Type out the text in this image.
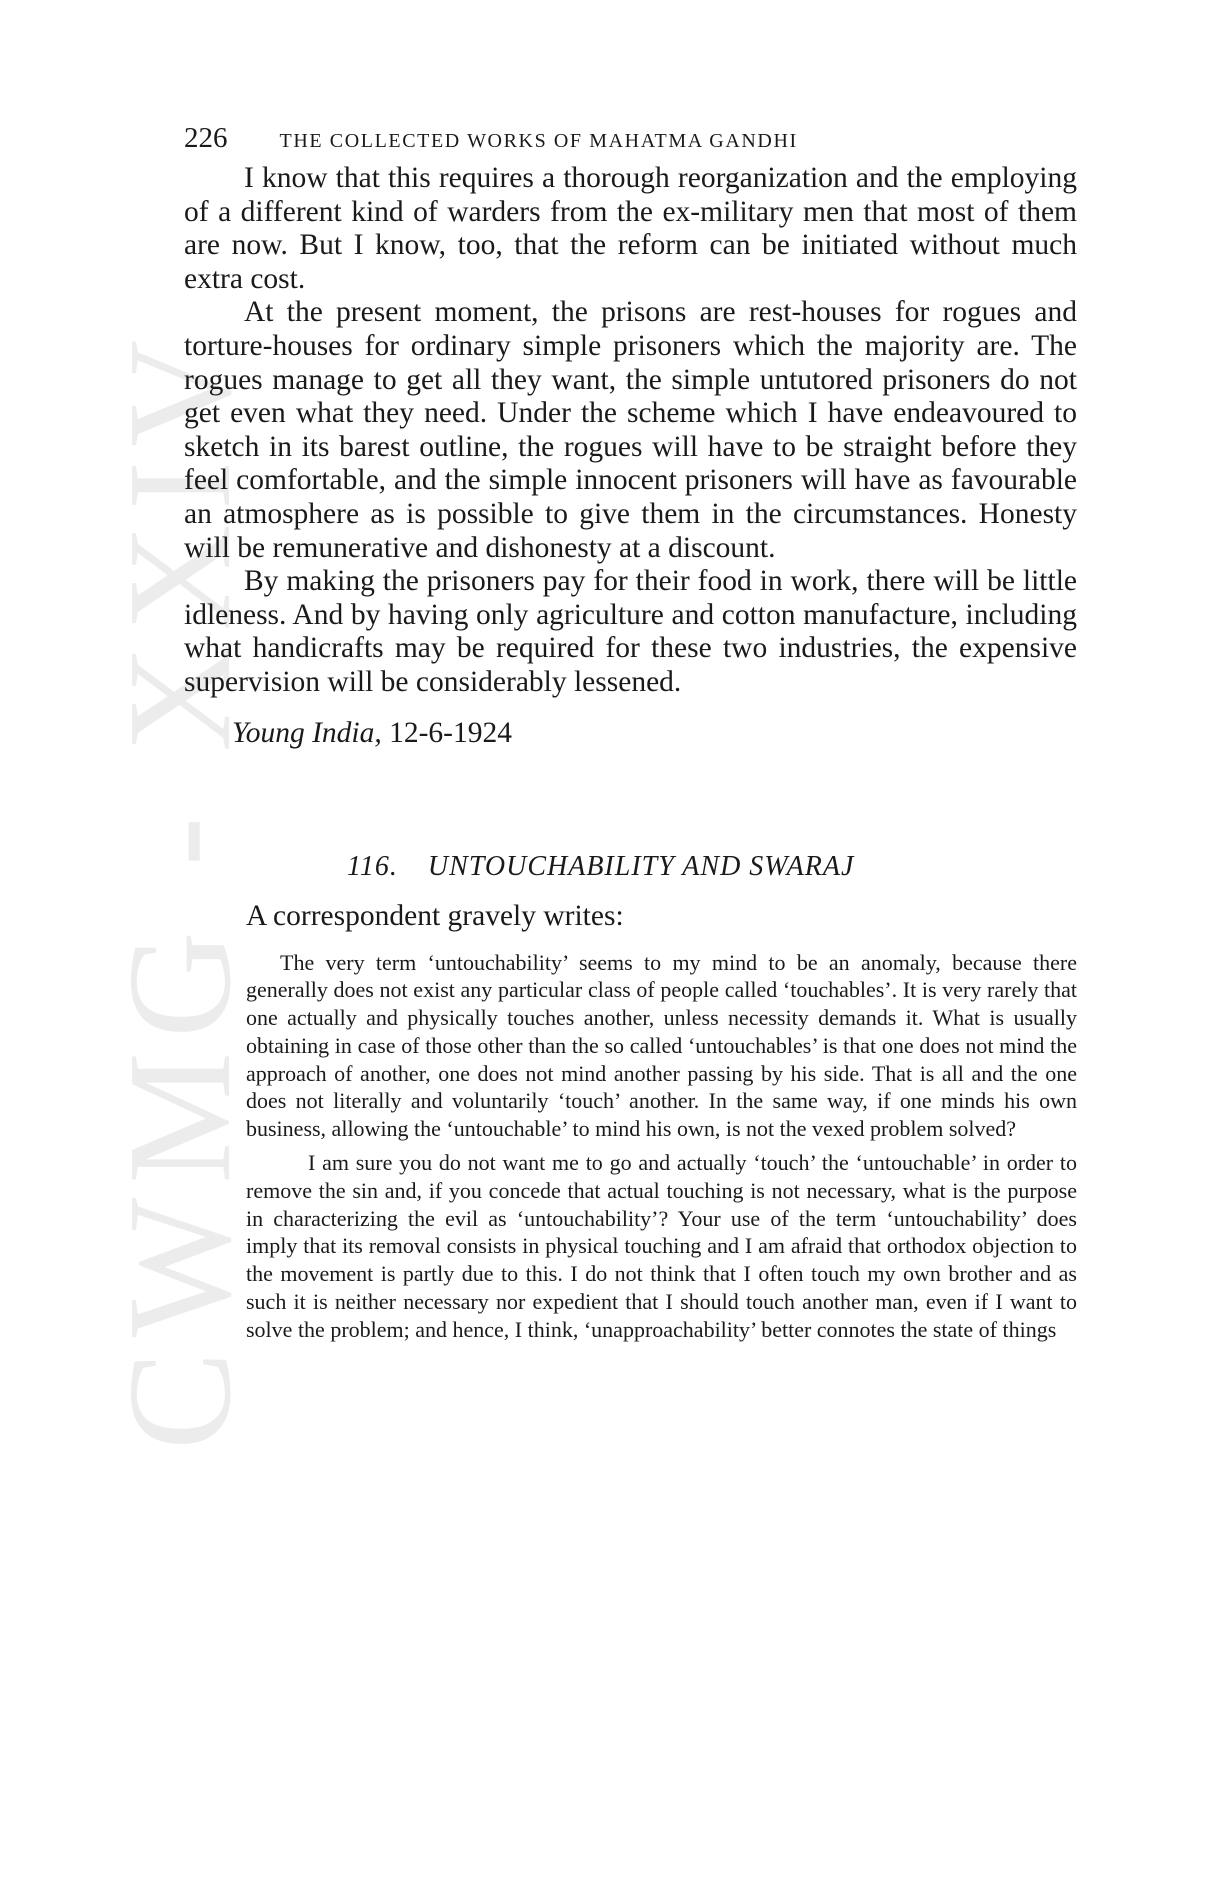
CWMG - XXIV
226	THE COLLECTED WORKS OF MAHATMA GANDHI

I know that this requires a thorough reorganization and the employing of a different kind of warders from the ex-military men that most of them are now. But I know, too, that the reform can be initiated without much extra cost.

At the present moment, the prisons are rest-houses for rogues and torture-houses for ordinary simple prisoners which the majority are. The rogues manage to get all they want, the simple untutored prisoners do not get even what they need. Under the scheme which I have endeavoured to sketch in its barest outline, the rogues will have to be straight before they feel comfortable, and the simple innocent prisoners will have as favourable an atmosphere as is possible to give them in the circumstances. Honesty will be remunerative and dishonesty at a discount.

By making the prisoners pay for their food in work, there will be little idleness. And by having only agriculture and cotton manufacture, including what handicrafts may be required for these two industries, the expensive supervision will be considerably lessened.

Young India, 12-6-1924
116. UNTOUCHABILITY AND SWARAJ
A correspondent gravely writes:

The very term ‘untouchability’ seems to my mind to be an anomaly, because there generally does not exist any particular class of people called ‘touchables’. It is very rarely that one actually and physically touches another, unless necessity demands it. What is usually obtaining in case of those other than the so called ‘untouchables’ is that one does not mind the approach of another, one does not mind another passing by his side. That is all and the one does not literally and voluntarily ‘touch’ another. In the same way, if one minds his own business, allowing the ‘untouchable’ to mind his own, is not the vexed problem solved?

I am sure you do not want me to go and actually ‘touch’ the ‘untouchable’ in order to remove the sin and, if you concede that actual touching is not necessary, what is the purpose in characterizing the evil as ‘untouchability’? Your use of the term ‘untouchability’ does imply that its removal consists in physical touching and I am afraid that orthodox objection to the movement is partly due to this. I do not think that I often touch my own brother and as such it is neither necessary nor expedient that I should touch another man, even if I want to solve the problem; and hence, I think, ‘unapproachability’ better connotes the state of things
